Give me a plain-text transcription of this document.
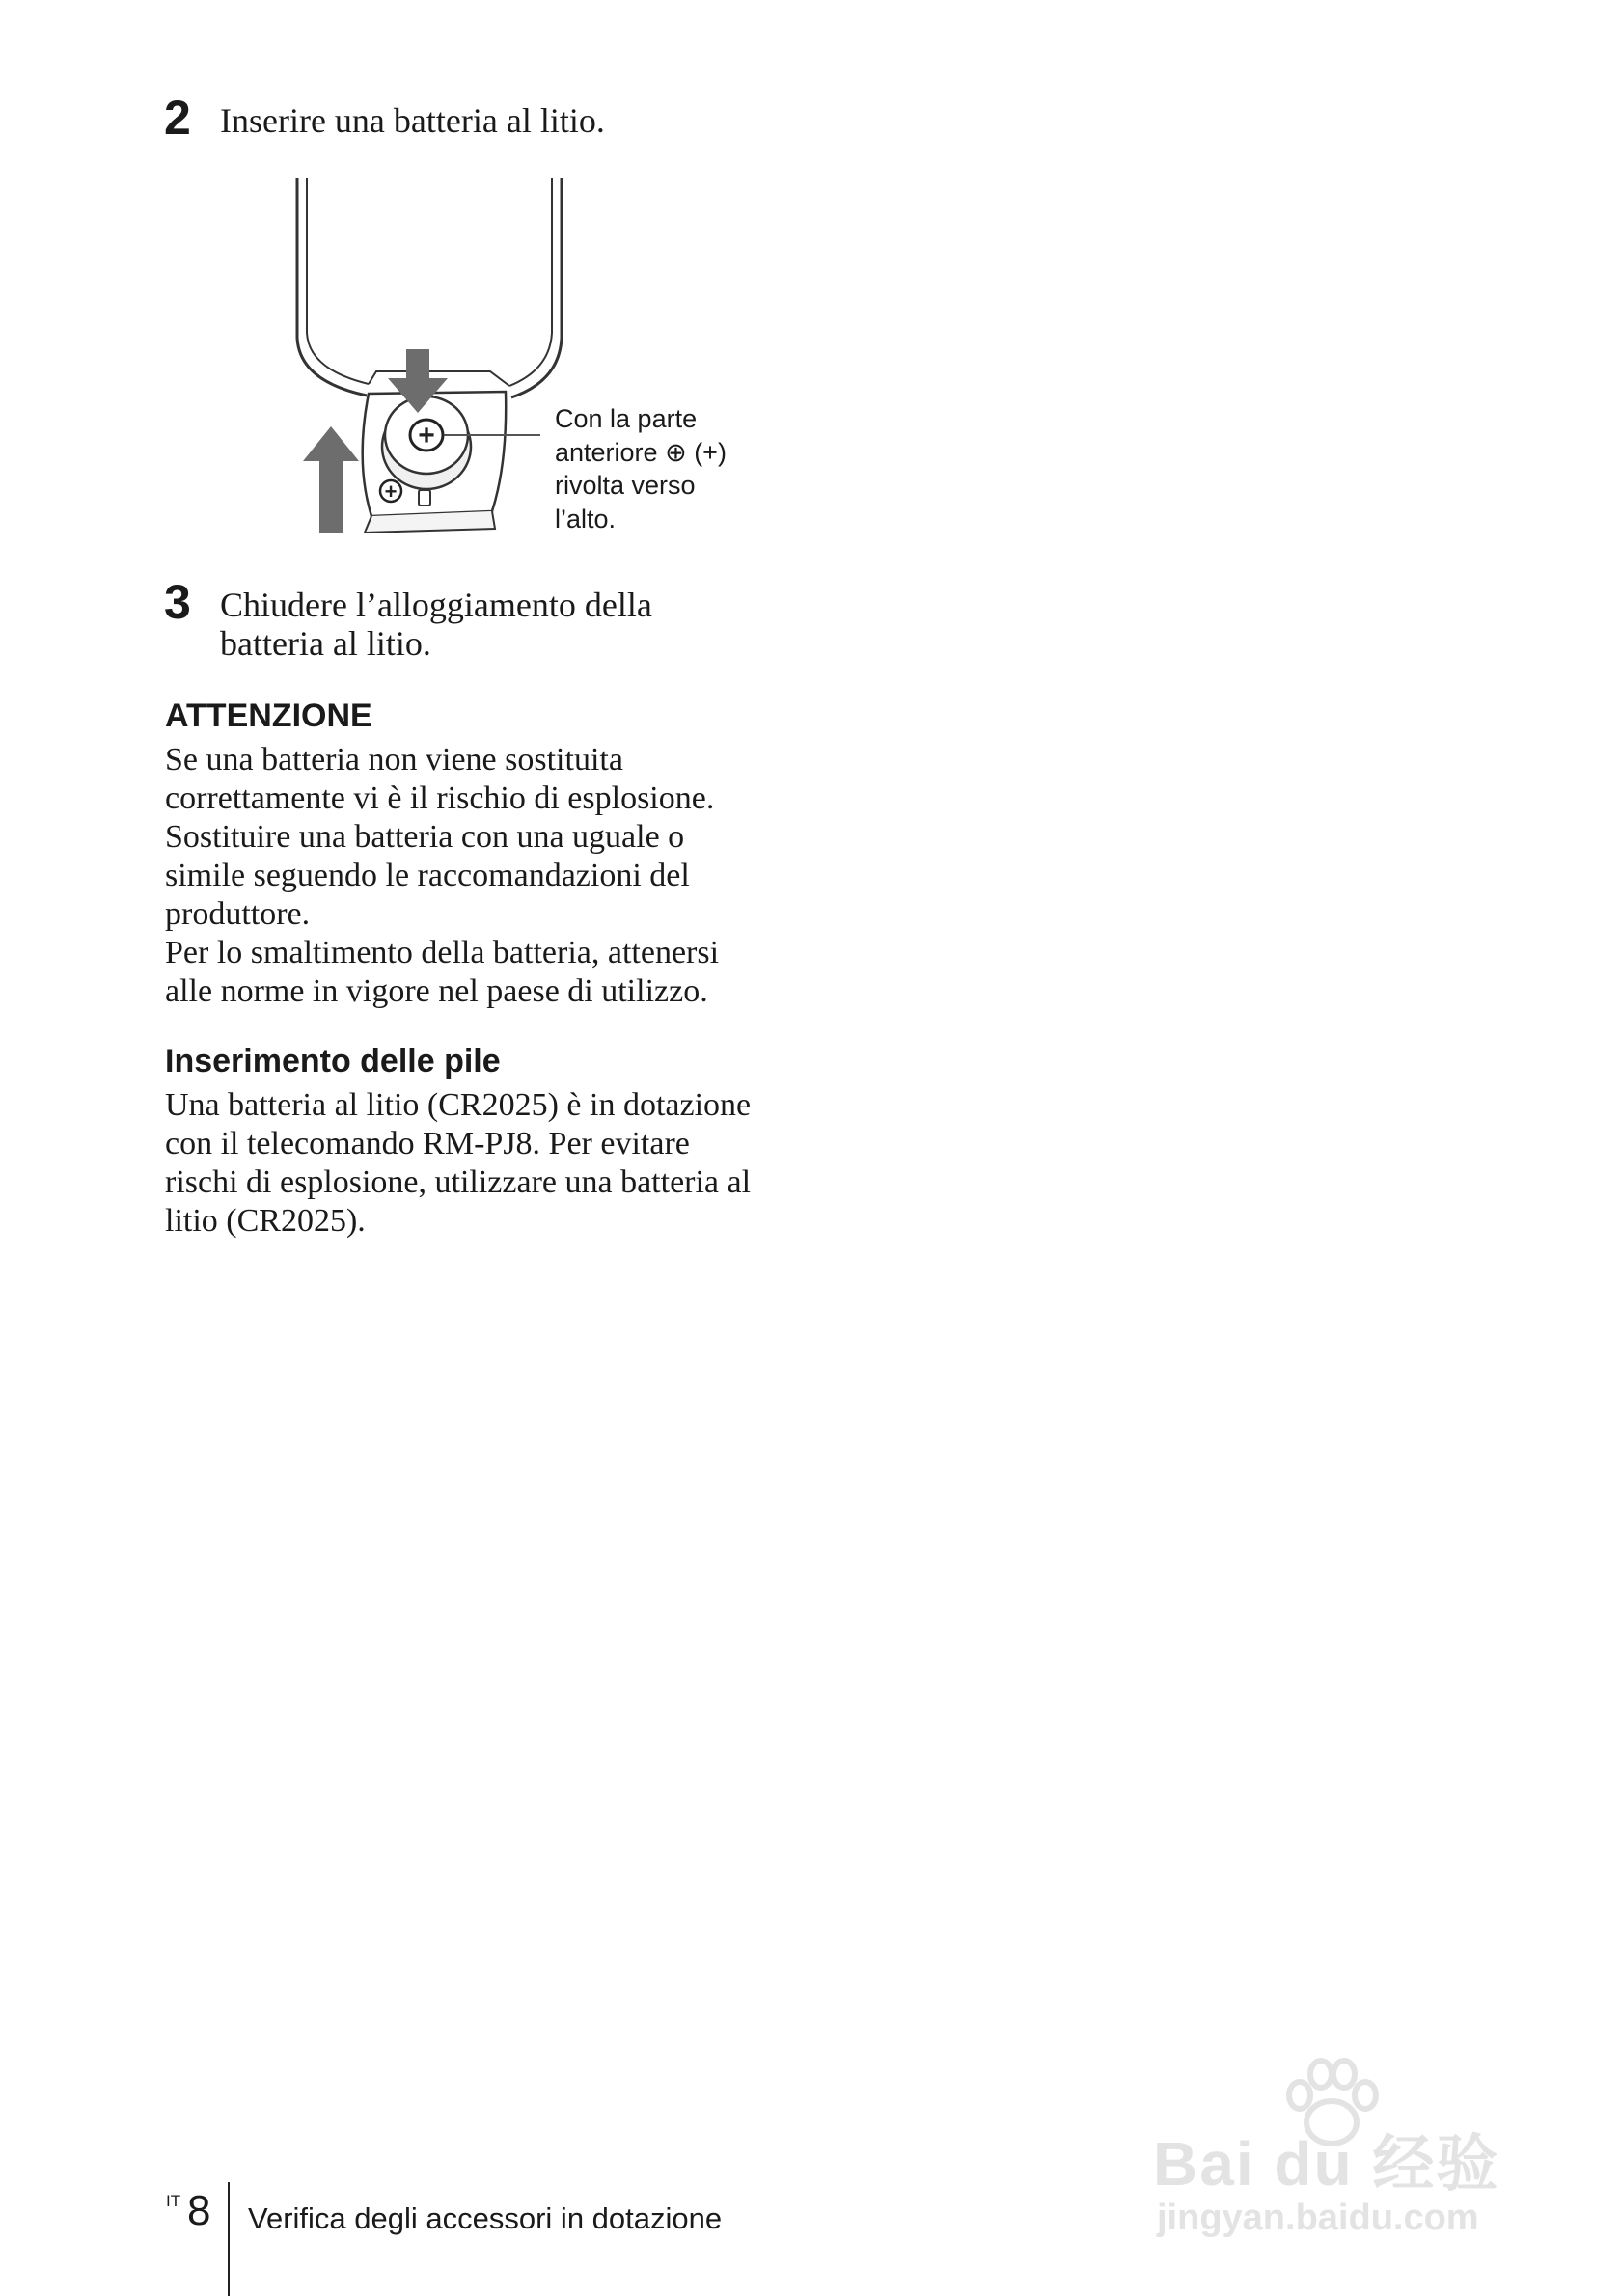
2 Inserire una batteria al litio.
+
+
Con la parte
anteriore ⊕ (+)
rivolta verso
l’alto.
3 Chiudere l’alloggiamento della
batteria al litio.
ATTENZIONE
Se una batteria non viene sostituita
correttamente vi è il rischio di esplosione.
Sostituire una batteria con una uguale o
simile seguendo le raccomandazioni del
produttore.
Per lo smaltimento della batteria, attenersi
alle norme in vigore nel paese di utilizzo.
Inserimento delle pile
Una batteria al litio (CR2025) è in dotazione
con il telecomando RM-PJ8. Per evitare
rischi di esplosione, utilizzare una batteria al
litio (CR2025).
Bai du 经验
jingyan.baidu.com
IT 8 Verifica degli accessori in dotazione
